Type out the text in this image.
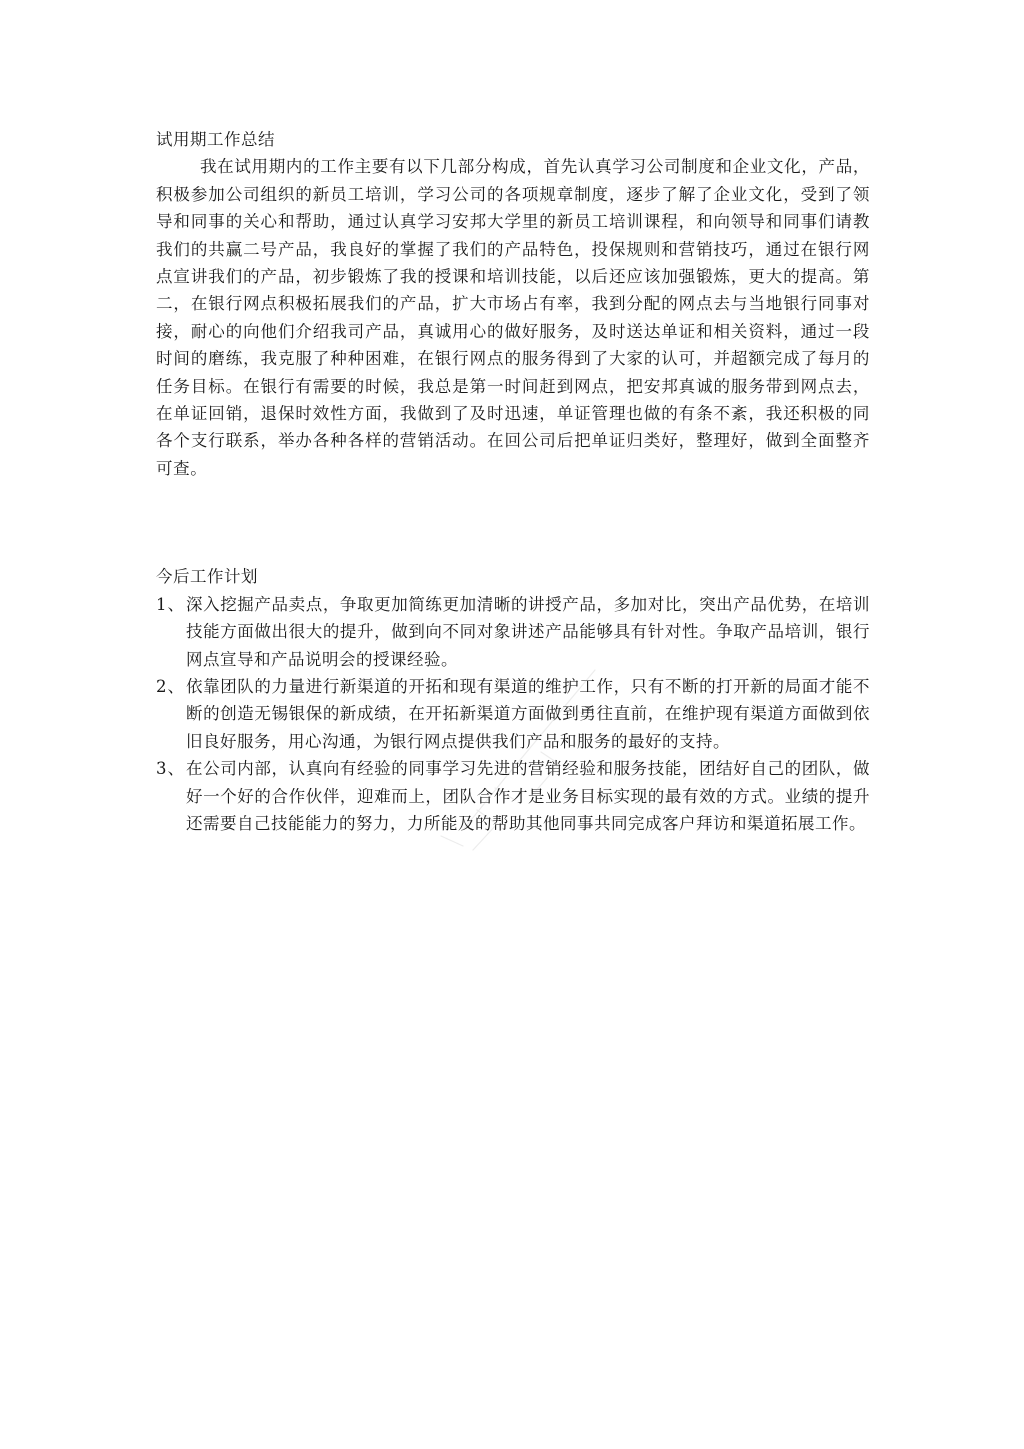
试用期工作总结

我在试用期内的工作主要有以下几部分构成，首先认真学习公司制度和企业文化，产品，积极参加公司组织的新员工培训，学习公司的各项规章制度，逐步了解了企业文化，受到了领导和同事的关心和帮助，通过认真学习安邦大学里的新员工培训课程，和向领导和同事们请教我们的共赢二号产品，我良好的掌握了我们的产品特色，投保规则和营销技巧，通过在银行网点宣讲我们的产品，初步锻炼了我的授课和培训技能，以后还应该加强锻炼，更大的提高。第二，在银行网点积极拓展我们的产品，扩大市场占有率，我到分配的网点去与当地银行同事对接，耐心的向他们介绍我司产品，真诚用心的做好服务，及时送达单证和相关资料，通过一段时间的磨练，我克服了种种困难，在银行网点的服务得到了大家的认可，并超额完成了每月的任务目标。在银行有需要的时候，我总是第一时间赶到网点，把安邦真诚的服务带到网点去，在单证回销，退保时效性方面，我做到了及时迅速，单证管理也做的有条不紊，我还积极的同各个支行联系，举办各种各样的营销活动。在回公司后把单证归类好，整理好，做到全面整齐可查。

今后工作计划
1、 深入挖掘产品卖点，争取更加简练更加清晰的讲授产品，多加对比，突出产品优势，在培训技能方面做出很大的提升，做到向不同对象讲述产品能够具有针对性。争取产品培训，银行网点宣导和产品说明会的授课经验。
2、 依靠团队的力量进行新渠道的开拓和现有渠道的维护工作，只有不断的打开新的局面才能不断的创造无锡银保的新成绩，在开拓新渠道方面做到勇往直前，在维护现有渠道方面做到依旧良好服务，用心沟通，为银行网点提供我们产品和服务的最好的支持。
3、 在公司内部，认真向有经验的同事学习先进的营销经验和服务技能，团结好自己的团队，做好一个好的合作伙伴，迎难而上，团队合作才是业务目标实现的最有效的方式。业绩的提升还需要自己技能能力的努力，力所能及的帮助其他同事共同完成客户拜访和渠道拓展工作。
